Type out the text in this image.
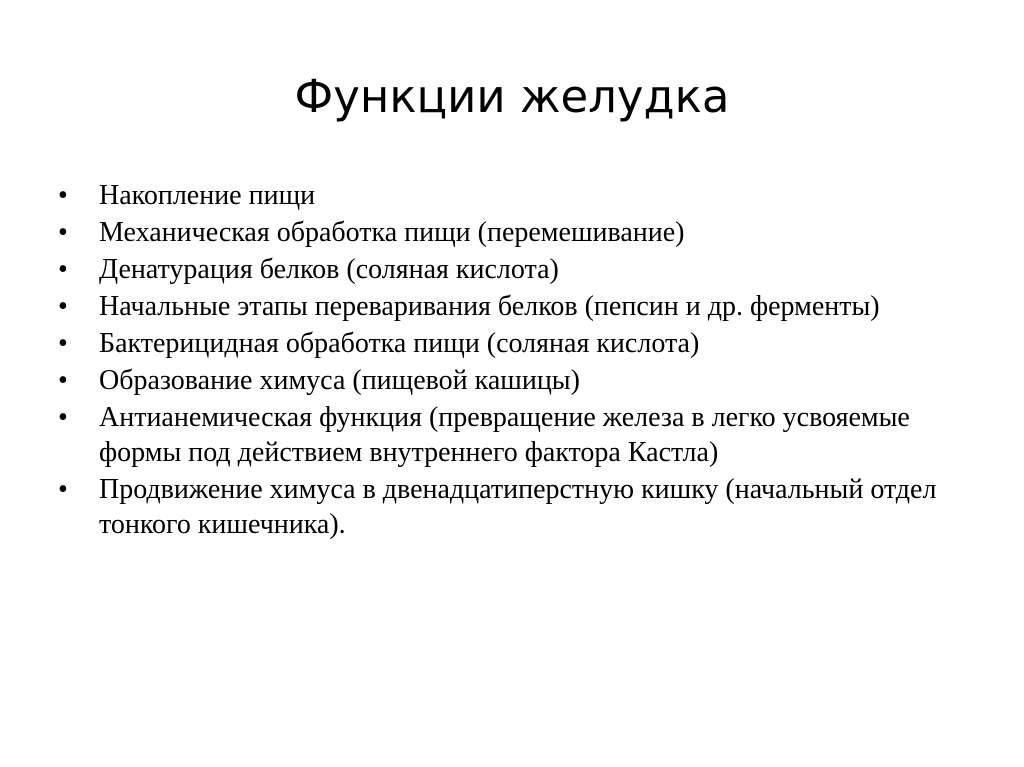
Функции желудка
•	Накопление пищи
•	Механическая обработка пищи (перемешивание)
•	Денатурация белков (соляная кислота)
•	Начальные этапы переваривания белков (пепсин и др. ферменты)
•	Бактерицидная обработка пищи (соляная кислота)
•	Образование химуса (пищевой кашицы)
•	Антианемическая функция (превращение железа в легко усвояемые формы под действием внутреннего фактора Кастла)
•	Продвижение химуса в двенадцатиперстную кишку (начальный отдел тонкого кишечника).
